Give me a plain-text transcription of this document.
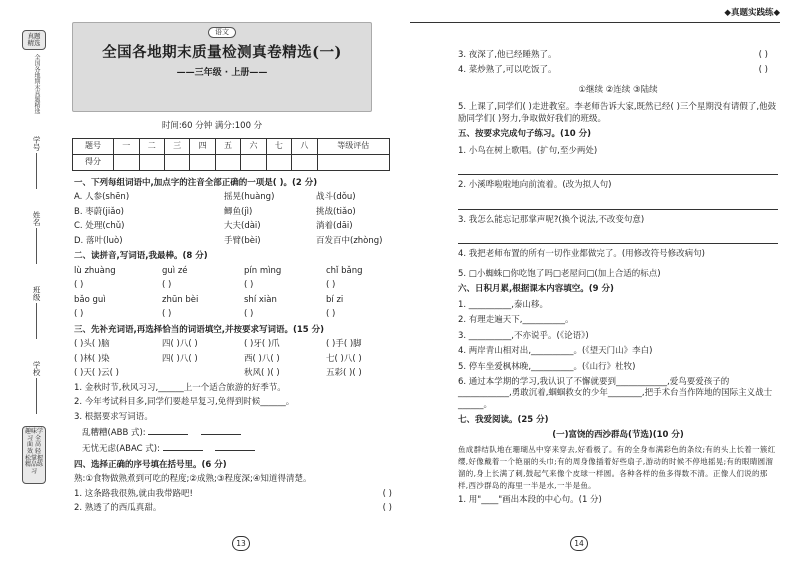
真题精选
全国各地期末真题精选
学号
姓名
班级
学校
趣味学习 全面 高效 轻松掌握 精品练习
语文
全国各地期末质量检测真卷精选(一)
——三年级 · 上册——
时间:60 分钟 满分:100 分
题号	一	二	三	四	五	六	七	八	等级评估
得分									
一、下列每组词语中,加点字的注音全部正确的一项是( )。(2 分)
A. 人参(shēn)	摇晃(huàng)	战斗(dǒu)
B. 枣蔚(jiǎo)	鲫鱼(jì)	挑战(tiǎo)
C. 处理(chǔ)	大夫(dài)	淌着(dāi)
D. 落叶(luò)	手臂(bèi)	百发百中(zhòng)
二、读拼音,写词语,我最棒。(8 分)
lù zhuàng	guì zé	pín mìng	chǐ bǎng
( )	( )	( )	( )
bǎo guì	zhūn bèi	shí xiàn	bí zi
( )	( )	( )	( )
三、先补充词语,再选择恰当的词语填空,并按要求写词语。(15 分)
( )头( )脑	四( )八( )	( )牙( )爪	( )手( )脚
( )林( )染	四( )八( )	西( )八( )	七( )八( )
( )天( )云( )	秋风( )( )	五彩( )( )
1. 金秋时节,秋风习习,______上一个适合旅游的好季节。
2. 今年考试科目多,同学们要趁早复习,免得到时候______。
3. 根据要求写词语。
乱糟糟(ABB 式):
无忧无虑(ABAC 式):
四、选择正确的序号填在括号里。(6 分)
熟:①食物做熟煮到可吃的程度;②成熟;③程度深;④知道得清楚。
1. 这条路我很熟,就由我带路吧!	( )
2. 熟透了的西瓜真甜。	( )
13
◆真题实践练◆
3. 夜深了,他已经睡熟了。	( )
4. 菜炒熟了,可以吃饭了。	( )
①继续 ②连续 ③陆续
5. 上课了,同学们( )走进教室。李老师告诉大家,既然已经( )三个星期没有请假了,他鼓励同学们( )努力,争取做好我们的班级。
五、按要求完成句子练习。(10 分)
1. 小鸟在树上歌唱。(扩句,至少两处)
2. 小溪哗啦啦地向前流着。(改为拟人句)
3. 我怎么能忘记那掌声呢?(换个说法,不改变句意)
4. 我把老师布置的所有一切作业都做完了。(用修改符号修改病句)
5. □小蜘蛛□你吃饱了吗□老屋问□(加上合适的标点)
六、日积月累,根据课本内容填空。(9 分)
1. __________,泰山移。
2. 有理走遍天下,__________。
3. __________,不亦说乎。(《论语》)
4. 两岸青山相对出,__________。(《望天门山》李白)
5. 停车坐爱枫林晚,__________。(《山行》杜牧)
6. 通过本学期的学习,我认识了不懈就要到____________,爱鸟要爱孩子的____________,勇敢沉着,蝈蝈救女的少年________,把手术台当作阵地的国际主义战士______。
七、我爱阅读。(25 分)
(一)富饶的西沙群岛(节选)(10 分)
鱼成群结队地在珊瑚丛中穿来穿去,好看极了。有的全身布满彩色的条纹;有的头上长着一簇红缨,好像戴着一个艳丽的头巾;有的周身像插着好些扇子,游动的时候不停地摇晃;有的眼睛圆溜溜的,身上长满了刺,鼓起气来像个皮球一样圆。各种各样的鱼多得数不清。正像人们说的那样,西沙群岛的海里一半是水,一半是鱼。
1. 用"____"画出本段的中心句。(1 分)
14
